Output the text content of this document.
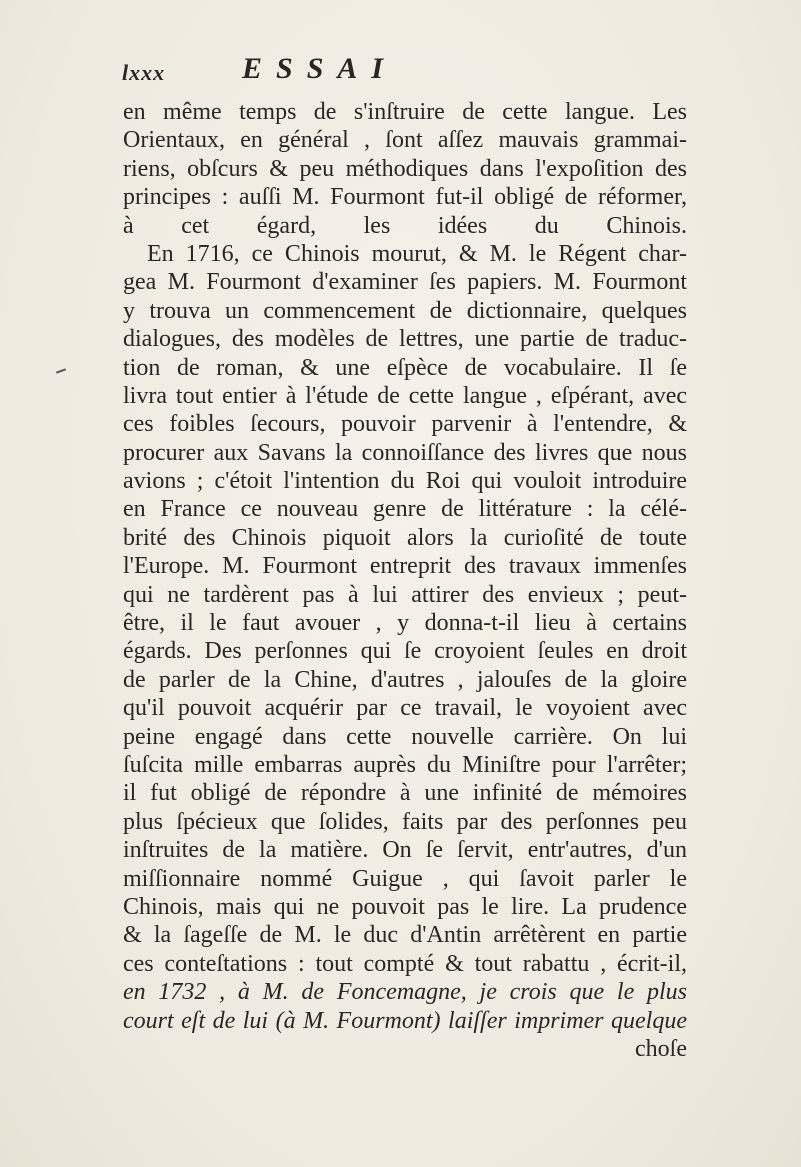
lxxx	ESSAI
en même temps de s'inſtruire de cette langue. Les
Orientaux, en général , ſont aſſez mauvais grammai-
riens, obſcurs & peu méthodiques dans l'expoſition des
principes : auſſi M. Fourmont fut-il obligé de réformer,
à cet égard, les idées du Chinois.
En 1716, ce Chinois mourut, & M. le Régent char-
gea M. Fourmont d'examiner ſes papiers. M. Fourmont
y trouva un commencement de dictionnaire, quelques
dialogues, des modèles de lettres, une partie de traduc-
tion de roman, & une eſpèce de vocabulaire. Il ſe
livra tout entier à l'étude de cette langue , eſpérant, avec
ces foibles ſecours, pouvoir parvenir à l'entendre, &
procurer aux Savans la connoiſſance des livres que nous
avions ; c'étoit l'intention du Roi qui vouloit introduire
en France ce nouveau genre de littérature : la célé-
brité des Chinois piquoit alors la curioſité de toute
l'Europe. M. Fourmont entreprit des travaux immenſes
qui ne tardèrent pas à lui attirer des envieux ; peut-
être, il le faut avouer , y donna-t-il lieu à certains
égards. Des perſonnes qui ſe croyoient ſeules en droit
de parler de la Chine, d'autres , jalouſes de la gloire
qu'il pouvoit acquérir par ce travail, le voyoient avec
peine engagé dans cette nouvelle carrière. On lui
ſuſcita mille embarras auprès du Miniſtre pour l'arrêter;
il fut obligé de répondre à une infinité de mémoires
plus ſpécieux que ſolides, faits par des perſonnes peu
inſtruites de la matière. On ſe ſervit, entr'autres, d'un
miſſionnaire nommé Guigue , qui ſavoit parler le
Chinois, mais qui ne pouvoit pas le lire. La prudence
& la ſageſſe de M. le duc d'Antin arrêtèrent en partie
ces conteſtations : tout compté & tout rabattu , écrit-il,
en 1732 , à M. de Foncemagne, je crois que le plus
court eſt de lui (à M. Fourmont) laiſſer imprimer quelque
choſe
